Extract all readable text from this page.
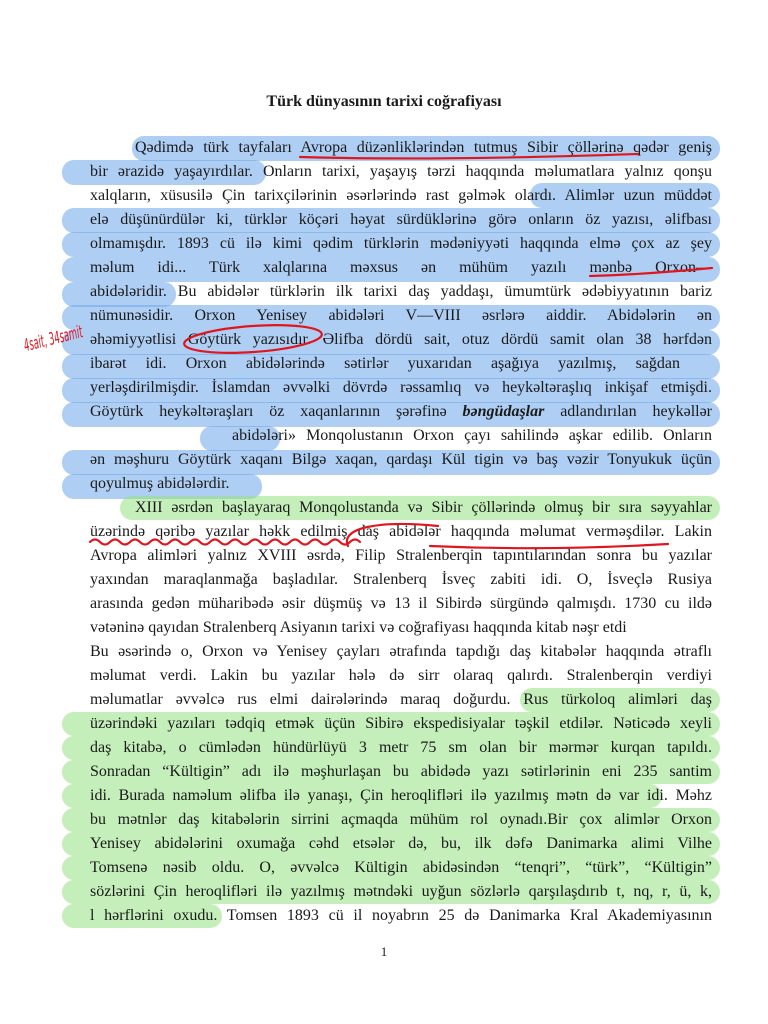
Türk dünyasının tarixi coğrafiyası

Qədimdə türk tayfaları Avropa düzənliklərindən tutmuş Sibir çöllərinə qədər geniş

bir ərazidə yaşayırdılar. Onların tarixi, yaşayış tərzi haqqında məlumatlara yalnız qonşu

xalqların, xüsusilə Çin tarixçilərinin əsərlərində rast gəlmək olardı. Alimlər uzun müddət

elə düşünürdülər ki, türklər köçəri həyat sürdüklərinə görə onların öz yazısı, əlifbası

olmamışdır. 1893 cü ilə kimi qədim türklərin mədəniyyəti haqqında elmə çox az şey

məlum idi... Türk xalqlarına məxsus ən mühüm yazılı mənbə Orxon—

abidələridir. Bu abidələr türklərin ilk tarixi daş yaddaşı, ümumtürk ədəbiyyatının bariz

nümunəsidir. Orxon Yenisey abidələri V—VIII əsrlərə aiddir. Abidələrin ən

əhəmiyyətlisi Göytürk yazısıdır. Əlifba dördü sait, otuz dördü samit olan 38 hərfdən

ibarət idi. Orxon abidələrində sətirlər yuxarıdan aşağıya yazılmış, sağdan

yerləşdirilmişdir. İslamdan əvvəlki dövrdə rəssamlıq və heykəltəraşlıq inkişaf etmişdi.

Göytürk heykəltəraşları öz xaqanlarının şərəfinə bəngüdaşlar adlandırılan heykəllər

abidələri» Monqolustanın Orxon çayı sahilində aşkar edilib. Onların

ən məşhuru Göytürk xaqanı Bilgə xaqan, qardaşı Kül tigin və baş vəzir Tonyukuk üçün

qoyulmuş abidələrdir.

XIII əsrdən başlayaraq Monqolustanda və Sibir çöllərində olmuş bir sıra səyyahlar

üzərində qəribə yazılar həkk edilmiş daş abidələr haqqında məlumat verməşdilər. Lakin

Avropa alimləri yalnız XVIII əsrdə, Filip Stralenberqin tapıntılarından sonra bu yazılar

yaxından maraqlanmağa başladılar. Stralenberq İsveç zabiti idi. O, İsveçlə Rusiya

arasında gedən müharibədə əsir düşmüş və 13 il Sibirdə sürgündə qalmışdı. 1730 cu ildə

vətəninə qayıdan Stralenberq Asiyanın tarixi və coğrafiyası haqqında kitab nəşr etdi

Bu əsərində o, Orxon və Yenisey çayları ətrafında tapdığı daş kitabələr haqqında ətraflı

məlumat verdi. Lakin bu yazılar hələ də sirr olaraq qalırdı. Stralenberqin verdiyi

məlumatlar əvvəlcə rus elmi dairələrində maraq doğurdu. Rus türkoloq alimləri daş

üzərindəki yazıları tədqiq etmək üçün Sibirə ekspedisiyalar təşkil etdilər. Nəticədə xeyli

daş kitabə, o cümlədən hündürlüyü 3 metr 75 sm olan bir mərmər kurqan tapıldı.

Sonradan “Kültigin” adı ilə məşhurlaşan bu abidədə yazı sətirlərinin eni 235 santim

idi. Burada naməlum əlifba ilə yanaşı, Çin heroqlifləri ilə yazılmış mətn də var idi. Məhz

bu mətnlər daş kitabələrin sirrini açmaqda mühüm rol oynadı.Bir çox alimlər Orxon

Yenisey abidələrini oxumağa cəhd etsələr də, bu, ilk dəfə Danimarka alimi Vilhe

Tomsenə nəsib oldu. O, əvvəlcə Kültigin abidəsindən “tenqri”, “türk”, “Kültigin”

sözlərini Çin heroqlifləri ilə yazılmış mətndəki uyğun sözlərlə qarşılaşdırıb t, nq, r, ü, k,

l hərflərini oxudu. Tomsen 1893 cü il noyabrın 25 də Danimarka Kral Akademiyasının

1
